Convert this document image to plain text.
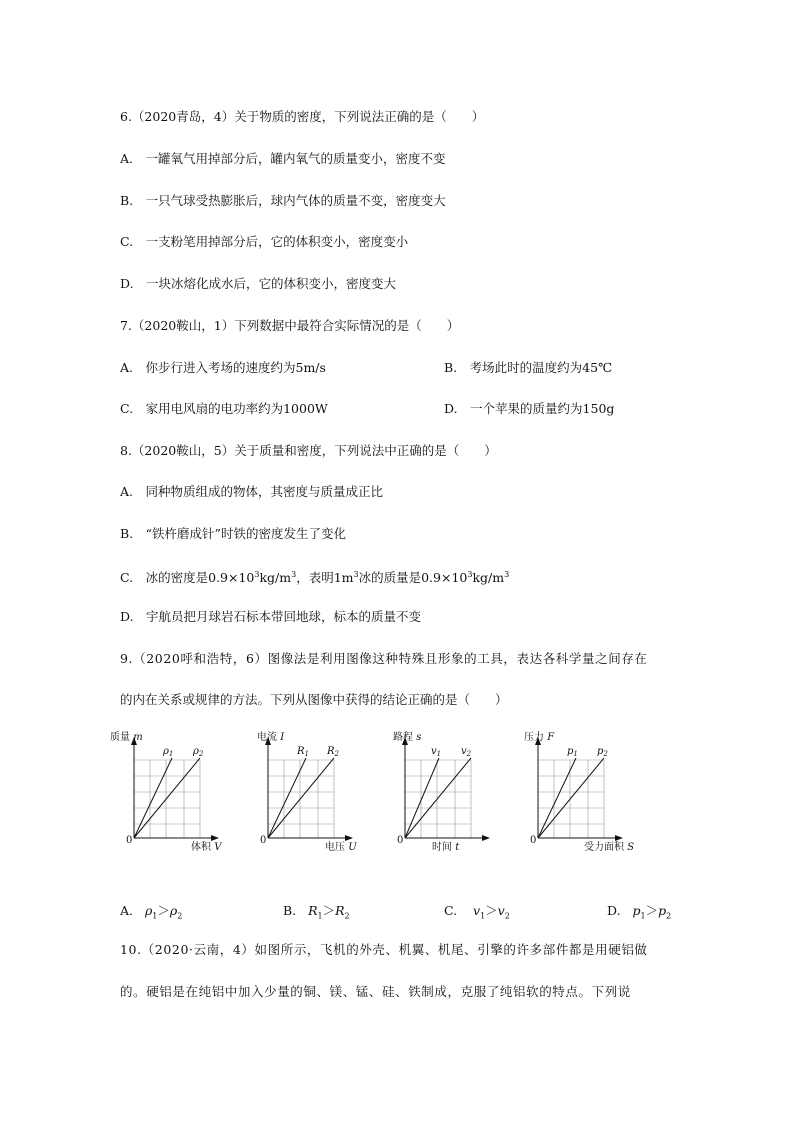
6.（2020青岛，4）关于物质的密度，下列说法正确的是（　　）
A.　一罐氧气用掉部分后，罐内氧气的质量变小，密度不变
B.　一只气球受热膨胀后，球内气体的质量不变，密度变大
C.　一支粉笔用掉部分后，它的体积变小，密度变小
D.　一块冰熔化成水后，它的体积变小，密度变大
7.（2020鞍山，1）下列数据中最符合实际情况的是（　　）
A.　你步行进入考场的速度约为5m/s	B.　考场此时的温度约为45℃
C.　家用电风扇的电功率约为1000W	D.　一个苹果的质量约为150g
8.（2020鞍山，5）关于质量和密度，下列说法中正确的是（　　）
A.　同种物质组成的物体，其密度与质量成正比
B.　“铁杵磨成针”时铁的密度发生了变化
C.　冰的密度是$0.9\times 10^3kg/m^3$，表明$1m^3$冰的质量是$0.9\times 10^3kg/m^3$
D.　宇航员把月球岩石标本带回地球，标本的质量不变
9.（2020呼和浩特，6）图像法是利用图像这种特殊且形象的工具，表达各科学量之间存在
的内在关系或规律的方法。下列从图像中获得的结论正确的是（　　）
质量 m
$\rho_1$ $\rho_2$
0
体积 V
电流 I
$R_1$ $R_2$
0
电压 U
路程 s
$v_1$ $v_2$
0
时间 t
压力 F
$p_1$ $p_2$
0
受力面积 S
A. $\rho_1>\rho_2$	B. $R_1>R_2$	C. $v_1>v_2$	D. $p_1>p_2$
10.（2020·云南，4）如图所示，飞机的外壳、机翼、机尾、引擎的许多部件都是用硬铝做
的。硬铝是在纯铝中加入少量的铜、镁、锰、硅、铁制成，克服了纯铝软的特点。下列说
